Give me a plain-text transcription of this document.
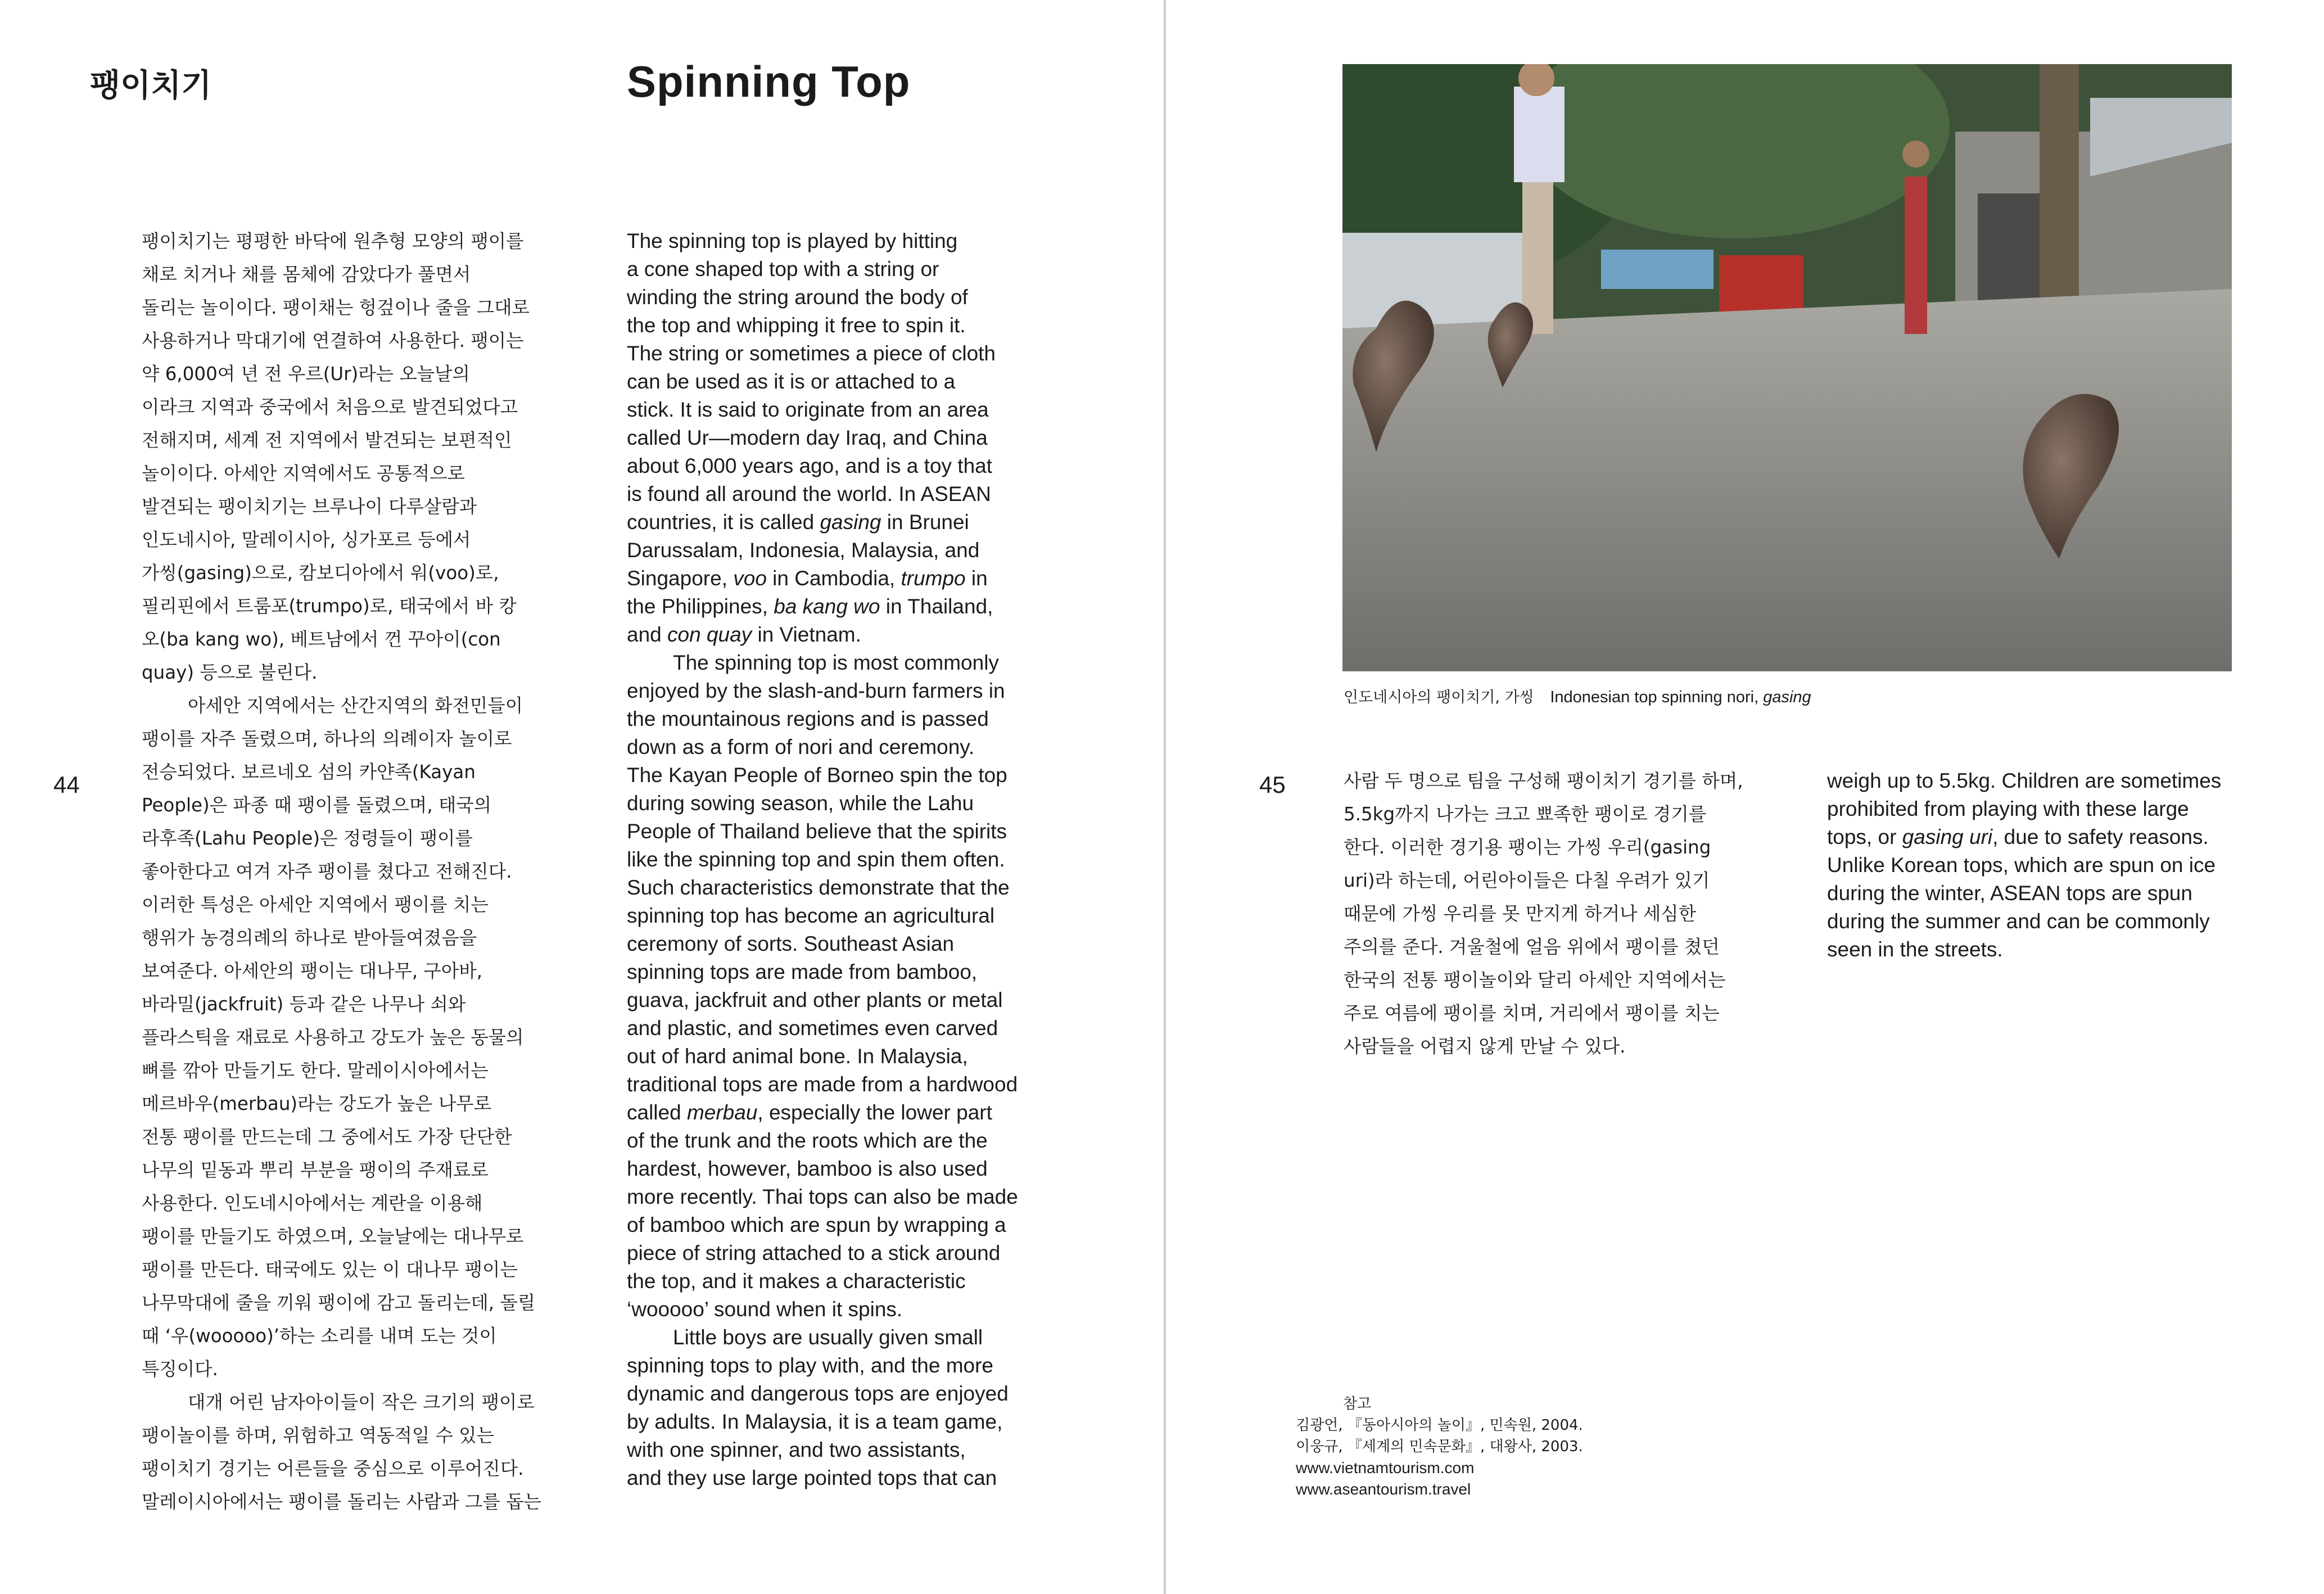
팽이치기	Spinning Top
44
팽이치기는 평평한 바닥에 원추형 모양의 팽이를
채로 치거나 채를 몸체에 감았다가 풀면서
돌리는 놀이이다. 팽이채는 헝겊이나 줄을 그대로
사용하거나 막대기에 연결하여 사용한다. 팽이는
약 6,000여 년 전 우르(Ur)라는 오늘날의
이라크 지역과 중국에서 처음으로 발견되었다고
전해지며, 세계 전 지역에서 발견되는 보편적인
놀이이다. 아세안 지역에서도 공통적으로
발견되는 팽이치기는 브루나이 다루살람과
인도네시아, 말레이시아, 싱가포르 등에서
가씽(gasing)으로, 캄보디아에서 워(voo)로,
필리핀에서 트룸포(trumpo)로, 태국에서 바 캉
오(ba kang wo), 베트남에서 껀 꾸아이(con
quay) 등으로 불린다.
아세안 지역에서는 산간지역의 화전민들이
팽이를 자주 돌렸으며, 하나의 의례이자 놀이로
전승되었다. 보르네오 섬의 카얀족(Kayan
People)은 파종 때 팽이를 돌렸으며, 태국의
라후족(Lahu People)은 정령들이 팽이를
좋아한다고 여겨 자주 팽이를 쳤다고 전해진다.
이러한 특성은 아세안 지역에서 팽이를 치는
행위가 농경의례의 하나로 받아들여졌음을
보여준다. 아세안의 팽이는 대나무, 구아바,
바라밀(jackfruit) 등과 같은 나무나 쇠와
플라스틱을 재료로 사용하고 강도가 높은 동물의
뼈를 깎아 만들기도 한다. 말레이시아에서는
메르바우(merbau)라는 강도가 높은 나무로
전통 팽이를 만드는데 그 중에서도 가장 단단한
나무의 밑동과 뿌리 부분을 팽이의 주재료로
사용한다. 인도네시아에서는 계란을 이용해
팽이를 만들기도 하였으며, 오늘날에는 대나무로
팽이를 만든다. 태국에도 있는 이 대나무 팽이는
나무막대에 줄을 끼워 팽이에 감고 돌리는데, 돌릴
때 ‘우(wooooo)’하는 소리를 내며 도는 것이
특징이다.
대개 어린 남자아이들이 작은 크기의 팽이로
팽이놀이를 하며, 위험하고 역동적일 수 있는
팽이치기 경기는 어른들을 중심으로 이루어진다.
말레이시아에서는 팽이를 돌리는 사람과 그를 돕는
The spinning top is played by hitting
a cone shaped top with a string or
winding the string around the body of
the top and whipping it free to spin it.
The string or sometimes a piece of cloth
can be used as it is or attached to a
stick. It is said to originate from an area
called Ur—modern day Iraq, and China
about 6,000 years ago, and is a toy that
is found all around the world. In ASEAN
countries, it is called gasing in Brunei
Darussalam, Indonesia, Malaysia, and
Singapore, voo in Cambodia, trumpo in
the Philippines, ba kang wo in Thailand,
and con quay in Vietnam.
The spinning top is most commonly
enjoyed by the slash-and-burn farmers in
the mountainous regions and is passed
down as a form of nori and ceremony.
The Kayan People of Borneo spin the top
during sowing season, while the Lahu
People of Thailand believe that the spirits
like the spinning top and spin them often.
Such characteristics demonstrate that the
spinning top has become an agricultural
ceremony of sorts. Southeast Asian
spinning tops are made from bamboo,
guava, jackfruit and other plants or metal
and plastic, and sometimes even carved
out of hard animal bone. In Malaysia,
traditional tops are made from a hardwood
called merbau, especially the lower part
of the trunk and the roots which are the
hardest, however, bamboo is also used
more recently. Thai tops can also be made
of bamboo which are spun by wrapping a
piece of string attached to a stick around
the top, and it makes a characteristic
‘wooooo’ sound when it spins.
Little boys are usually given small
spinning tops to play with, and the more
dynamic and dangerous tops are enjoyed
by adults. In Malaysia, it is a team game,
with one spinner, and two assistants,
and they use large pointed tops that can
인도네시아의 팽이치기, 가씽 Indonesian top spinning nori, gasing
45	사람 두 명으로 팀을 구성해 팽이치기 경기를 하며,
5.5kg까지 나가는 크고 뾰족한 팽이로 경기를
한다. 이러한 경기용 팽이는 가씽 우리(gasing
uri)라 하는데, 어린아이들은 다칠 우려가 있기
때문에 가씽 우리를 못 만지게 하거나 세심한
주의를 준다. 겨울철에 얼음 위에서 팽이를 쳤던
한국의 전통 팽이놀이와 달리 아세안 지역에서는
주로 여름에 팽이를 치며, 거리에서 팽이를 치는
사람들을 어렵지 않게 만날 수 있다.
weigh up to 5.5kg. Children are sometimes
prohibited from playing with these large
tops, or gasing uri, due to safety reasons.
Unlike Korean tops, which are spun on ice
during the winter, ASEAN tops are spun
during the summer and can be commonly
seen in the streets.
참고
김광언, 『동아시아의 놀이』, 민속원, 2004.
이웅규, 『세계의 민속문화』, 대왕사, 2003.
www.vietnamtourism.com
www.aseantourism.travel
